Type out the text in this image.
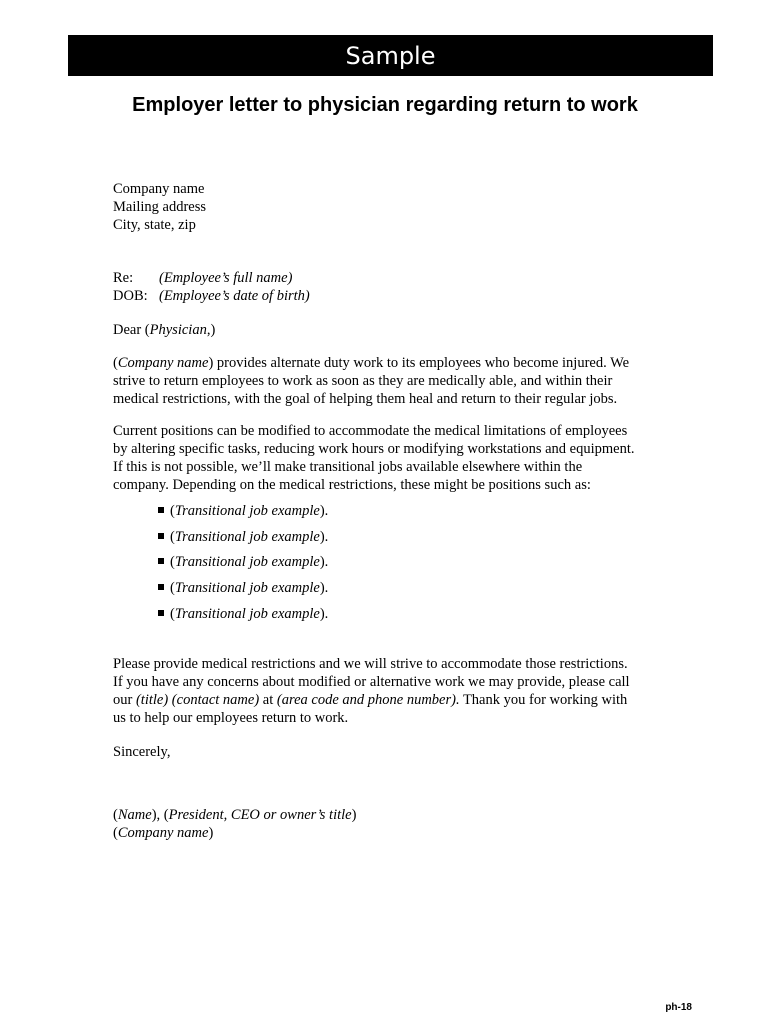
Sample
Employer letter to physician regarding return to work
Company name
Mailing address
City, state, zip
Re: (Employee’s full name)
DOB: (Employee’s date of birth)
Dear (Physician,)
(Company name) provides alternate duty work to its employees who become injured. We
strive to return employees to work as soon as they are medically able, and within their
medical restrictions, with the goal of helping them heal and return to their regular jobs.
Current positions can be modified to accommodate the medical limitations of employees
by altering specific tasks, reducing work hours or modifying workstations and equipment.
If this is not possible, we’ll make transitional jobs available elsewhere within the
company. Depending on the medical restrictions, these might be positions such as:
(Transitional job example).
(Transitional job example).
(Transitional job example).
(Transitional job example).
(Transitional job example).
Please provide medical restrictions and we will strive to accommodate those restrictions.
If you have any concerns about modified or alternative work we may provide, please call
our (title) (contact name) at (area code and phone number). Thank you for working with
us to help our employees return to work.
Sincerely,
(Name), (President, CEO or owner’s title)
(Company name)
ph-18
